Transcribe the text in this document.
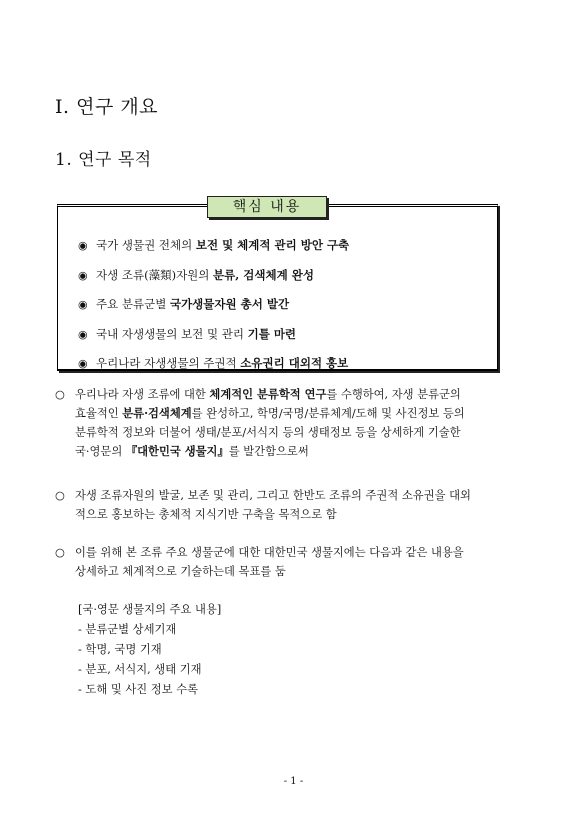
I. 연구 개요
1. 연구 목적
◉ 국가 생물권 전체의 보전 및 체계적 관리 방안 구축
◉ 자생 조류(藻類)자원의 분류, 검색체계 완성
◉ 주요 분류군별 국가생물자원 총서 발간
◉ 국내 자생생물의 보전 및 관리 기틀 마련
◉ 우리나라 자생생물의 주권적 소유권리 대외적 홍보
핵심 내용
○ 우리나라 자생 조류에 대한 체계적인 분류학적 연구를 수행하여, 자생 분류군의
효율적인 분류·검색체계를 완성하고, 학명/국명/분류체계/도해 및 사진정보 등의
분류학적 정보와 더불어 생태/분포/서식지 등의 생태정보 등을 상세하게 기술한
국·영문의 『대한민국 생물지』를 발간함으로써
○ 자생 조류자원의 발굴, 보존 및 관리, 그리고 한반도 조류의 주권적 소유권을 대외
적으로 홍보하는 총체적 지식기반 구축을 목적으로 함
○ 이를 위해 본 조류 주요 생물군에 대한 대한민국 생물지에는 다음과 같은 내용을
상세하고 체계적으로 기술하는데 목표를 둠
[국·영문 생물지의 주요 내용]
- 분류군별 상세기재
- 학명, 국명 기재
- 분포, 서식지, 생태 기재
- 도해 및 사진 정보 수록
- 1 -
